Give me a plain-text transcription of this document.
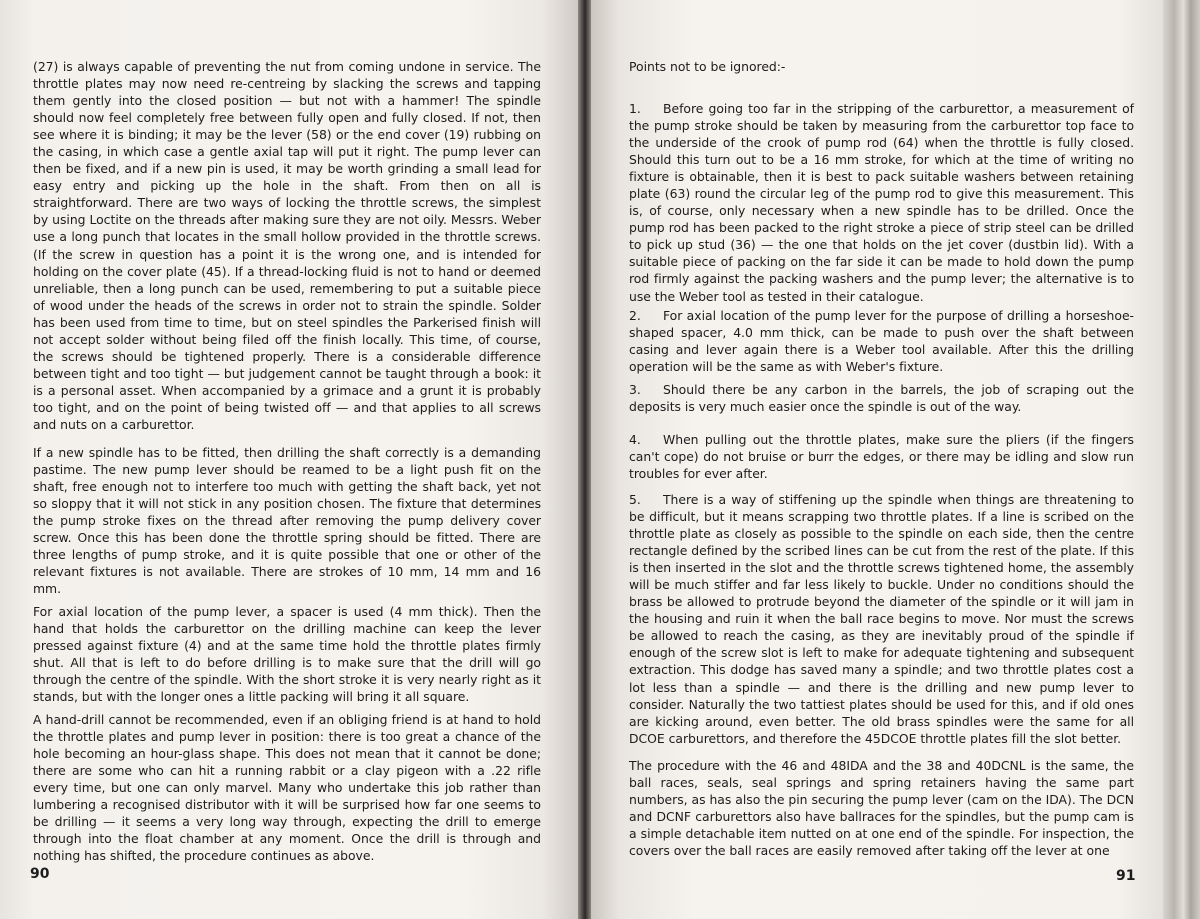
(27) is always capable of preventing the nut from coming undone in service. The throttle plates may now need re-centreing by slacking the screws and tapping them gently into the closed position — but not with a hammer! The spindle should now feel completely free between fully open and fully closed. If not, then see where it is binding; it may be the lever (58) or the end cover (19) rubbing on the casing, in which case a gentle axial tap will put it right. The pump lever can then be fixed, and if a new pin is used, it may be worth grinding a small lead for easy entry and picking up the hole in the shaft. From then on all is straightforward. There are two ways of locking the throttle screws, the simplest by using Loctite on the threads after making sure they are not oily. Messrs. Weber use a long punch that locates in the small hollow provided in the throttle screws. (If the screw in question has a point it is the wrong one, and is intended for holding on the cover plate (45). If a thread-locking fluid is not to hand or deemed unreliable, then a long punch can be used, remembering to put a suitable piece of wood under the heads of the screws in order not to strain the spindle. Solder has been used from time to time, but on steel spindles the Parkerised finish will not accept solder without being filed off the finish locally. This time, of course, the screws should be tightened properly. There is a considerable difference between tight and too tight — but judgement cannot be taught through a book: it is a personal asset. When accompanied by a grimace and a grunt it is probably too tight, and on the point of being twisted off — and that applies to all screws and nuts on a carburettor.

If a new spindle has to be fitted, then drilling the shaft correctly is a demanding pastime. The new pump lever should be reamed to be a light push fit on the shaft, free enough not to interfere too much with getting the shaft back, yet not so sloppy that it will not stick in any position chosen. The fixture that determines the pump stroke fixes on the thread after removing the pump delivery cover screw. Once this has been done the throttle spring should be fitted. There are three lengths of pump stroke, and it is quite possible that one or other of the relevant fixtures is not available. There are strokes of 10 mm, 14 mm and 16 mm.

For axial location of the pump lever, a spacer is used (4 mm thick). Then the hand that holds the carburettor on the drilling machine can keep the lever pressed against fixture (4) and at the same time hold the throttle plates firmly shut. All that is left to do before drilling is to make sure that the drill will go through the centre of the spindle. With the short stroke it is very nearly right as it stands, but with the longer ones a little packing will bring it all square.

A hand-drill cannot be recommended, even if an obliging friend is at hand to hold the throttle plates and pump lever in position: there is too great a chance of the hole becoming an hour-glass shape. This does not mean that it cannot be done; there are some who can hit a running rabbit or a clay pigeon with a .22 rifle every time, but one can only marvel. Many who undertake this job rather than lumbering a recognised distributor with it will be surprised how far one seems to be drilling — it seems a very long way through, expecting the drill to emerge through into the float chamber at any moment. Once the drill is through and nothing has shifted, the procedure continues as above.

90

Points not to be ignored:-

1. Before going too far in the stripping of the carburettor, a measurement of the pump stroke should be taken by measuring from the carburettor top face to the underside of the crook of pump rod (64) when the throttle is fully closed. Should this turn out to be a 16 mm stroke, for which at the time of writing no fixture is obtainable, then it is best to pack suitable washers between retaining plate (63) round the circular leg of the pump rod to give this measurement. This is, of course, only necessary when a new spindle has to be drilled. Once the pump rod has been packed to the right stroke a piece of strip steel can be drilled to pick up stud (36) — the one that holds on the jet cover (dustbin lid). With a suitable piece of packing on the far side it can be made to hold down the pump rod firmly against the packing washers and the pump lever; the alternative is to use the Weber tool as tested in their catalogue.

2. For axial location of the pump lever for the purpose of drilling a horseshoe-shaped spacer, 4.0 mm thick, can be made to push over the shaft between casing and lever again there is a Weber tool available. After this the drilling operation will be the same as with Weber's fixture.

3. Should there be any carbon in the barrels, the job of scraping out the deposits is very much easier once the spindle is out of the way.

4. When pulling out the throttle plates, make sure the pliers (if the fingers can't cope) do not bruise or burr the edges, or there may be idling and slow run troubles for ever after.

5. There is a way of stiffening up the spindle when things are threatening to be difficult, but it means scrapping two throttle plates. If a line is scribed on the throttle plate as closely as possible to the spindle on each side, then the centre rectangle defined by the scribed lines can be cut from the rest of the plate. If this is then inserted in the slot and the throttle screws tightened home, the assembly will be much stiffer and far less likely to buckle. Under no conditions should the brass be allowed to protrude beyond the diameter of the spindle or it will jam in the housing and ruin it when the ball race begins to move. Nor must the screws be allowed to reach the casing, as they are inevitably proud of the spindle if enough of the screw slot is left to make for adequate tightening and subsequent extraction. This dodge has saved many a spindle; and two throttle plates cost a lot less than a spindle — and there is the drilling and new pump lever to consider. Naturally the two tattiest plates should be used for this, and if old ones are kicking around, even better. The old brass spindles were the same for all DCOE carburettors, and therefore the 45DCOE throttle plates fill the slot better.

The procedure with the 46 and 48IDA and the 38 and 40DCNL is the same, the ball races, seals, seal springs and spring retainers having the same part numbers, as has also the pin securing the pump lever (cam on the IDA). The DCN and DCNF carburettors also have ballraces for the spindles, but the pump cam is a simple detachable item nutted on at one end of the spindle. For inspection, the covers over the ball races are easily removed after taking off the lever at one

91
